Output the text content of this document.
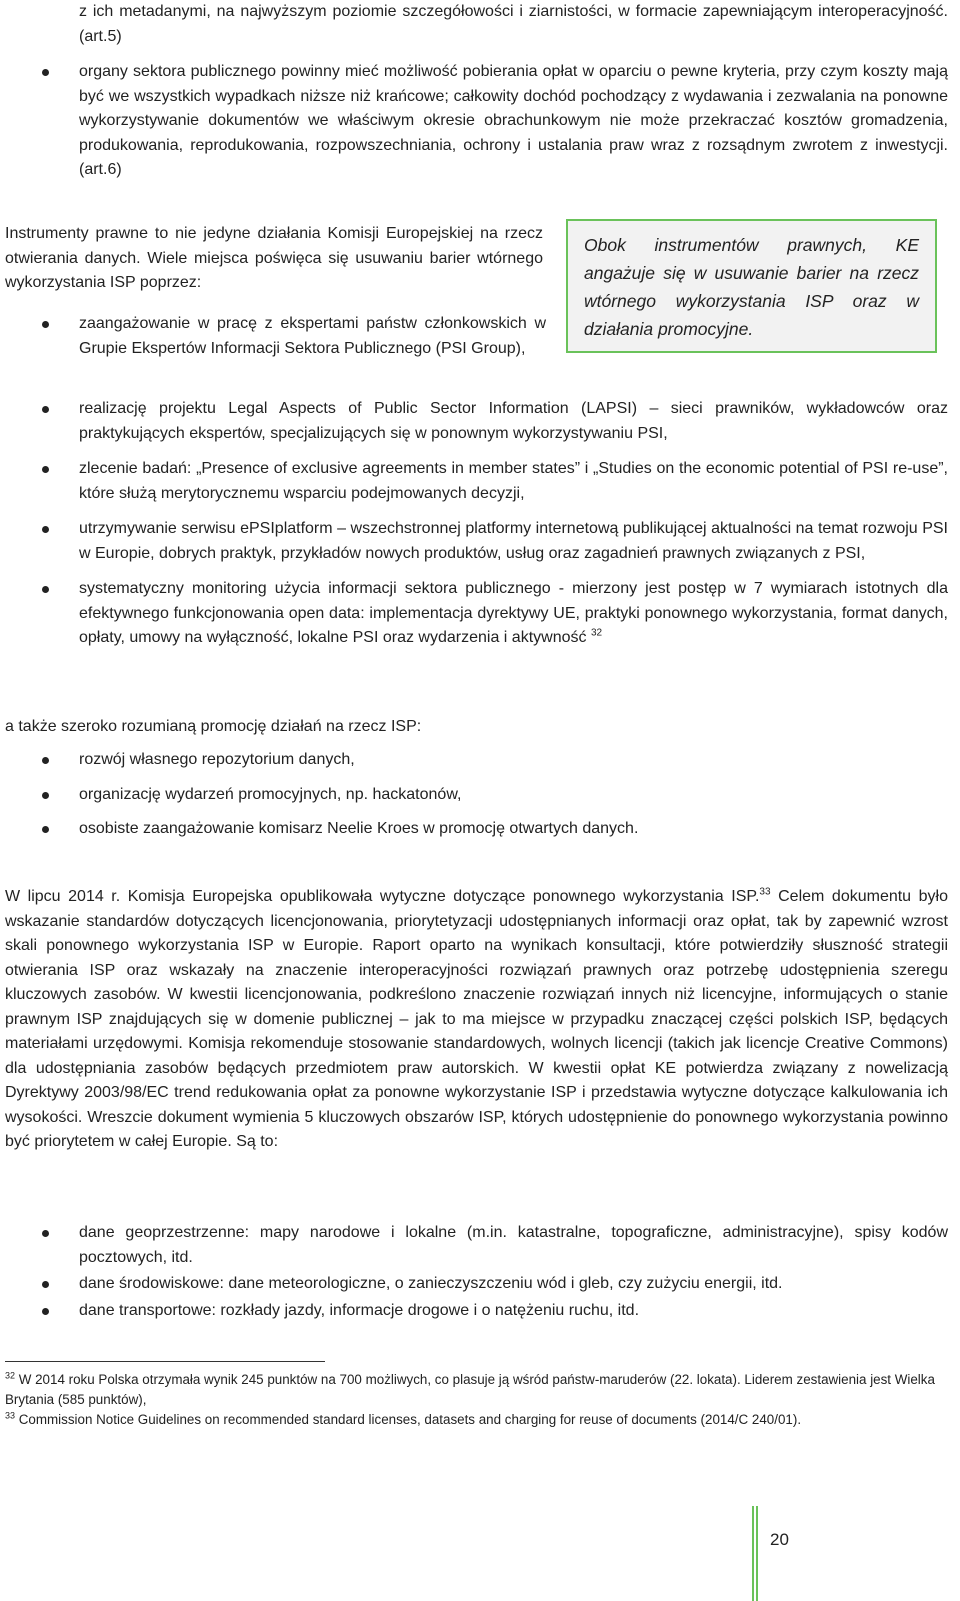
z ich metadanymi, na najwyższym poziomie szczegółowości i ziarnistości, w formacie zapewniającym interoperacyjność. (art.5)
organy sektora publicznego powinny mieć możliwość pobierania opłat w oparciu o pewne kryteria, przy czym koszty mają być we wszystkich wypadkach niższe niż krańcowe; całkowity dochód pochodzący z wydawania i zezwalania na ponowne wykorzystywanie dokumentów we właściwym okresie obrachunkowym nie może przekraczać kosztów gromadzenia, produkowania, reprodukowania, rozpowszechniania, ochrony i ustalania praw wraz z rozsądnym zwrotem z inwestycji. (art.6)

Instrumenty prawne to nie jedyne działania Komisji Europejskiej na rzecz otwierania danych. Wiele miejsca poświęca się usuwaniu barier wtórnego wykorzystania ISP poprzez:

Obok instrumentów prawnych, KE angażuje się w usuwanie barier na rzecz wtórnego wykorzystania ISP oraz w działania promocyjne.
zaangażowanie w pracę z ekspertami państw członkowskich w Grupie Ekspertów Informacji Sektora Publicznego (PSI Group),
realizację projektu Legal Aspects of Public Sector Information (LAPSI) – sieci prawników, wykładowców oraz praktykujących ekspertów, specjalizujących się w ponownym wykorzystywaniu PSI,
zlecenie badań: „Presence of exclusive agreements in member states” i „Studies on the economic potential of PSI re-use”, które służą merytorycznemu wsparciu podejmowanych decyzji,
utrzymywanie serwisu ePSIplatform – wszechstronnej platformy internetową publikującej aktualności na temat rozwoju PSI w Europie, dobrych praktyk, przykładów nowych produktów, usług oraz zagadnień prawnych związanych z PSI,
systematyczny monitoring użycia informacji sektora publicznego - mierzony jest postęp w 7 wymiarach istotnych dla efektywnego funkcjonowania open data: implementacja dyrektywy UE, praktyki ponownego wykorzystania, format danych, opłaty, umowy na wyłączność, lokalne PSI oraz wydarzenia i aktywność $^{32}$

a także szeroko rozumianą promocję działań na rzecz ISP:

rozwój własnego repozytorium danych,
organizację wydarzeń promocyjnych, np. hackatonów,
osobiste zaangażowanie komisarz Neelie Kroes w promocję otwartych danych.

W lipcu 2014 r. Komisja Europejska opublikowała wytyczne dotyczące ponownego wykorzystania ISP.$^{33}$ Celem dokumentu było wskazanie standardów dotyczących licencjonowania, priorytetyzacji udostępnianych informacji oraz opłat, tak by zapewnić wzrost skali ponownego wykorzystania ISP w Europie. Raport oparto na wynikach konsultacji, które potwierdziły słuszność strategii otwierania ISP oraz wskazały na znaczenie interoperacyjności rozwiązań prawnych oraz potrzebę udostępnienia szeregu kluczowych zasobów. W kwestii licencjonowania, podkreślono znaczenie rozwiązań innych niż licencyjne, informujących o stanie prawnym ISP znajdujących się w domenie publicznej – jak to ma miejsce w przypadku znaczącej części polskich ISP, będących materiałami urzędowymi. Komisja rekomenduje stosowanie standardowych, wolnych licencji (takich jak licencje Creative Commons) dla udostępniania zasobów będących przedmiotem praw autorskich. W kwestii opłat KE potwierdza związany z nowelizacją Dyrektywy 2003/98/EC trend redukowania opłat za ponowne wykorzystanie ISP i przedstawia wytyczne dotyczące kalkulowania ich wysokości. Wreszcie dokument wymienia 5 kluczowych obszarów ISP, których udostępnienie do ponownego wykorzystania powinno być priorytetem w całej Europie. Są to:

dane geoprzestrzenne: mapy narodowe i lokalne (m.in. katastralne, topograficzne, administracyjne), spisy kodów pocztowych, itd.
dane środowiskowe: dane meteorologiczne, o zanieczyszczeniu wód i gleb, czy zużyciu energii, itd.
dane transportowe: rozkłady jazdy, informacje drogowe i o natężeniu ruchu, itd.

$^{32}$ W 2014 roku Polska otrzymała wynik 245 punktów na 700 możliwych, co plasuje ją wśród państw-maruderów (22. lokata). Liderem zestawienia jest Wielka Brytania (585 punktów),

$^{33}$ Commission Notice Guidelines on recommended standard licenses, datasets and charging for reuse of documents (2014/C 240/01).

20
